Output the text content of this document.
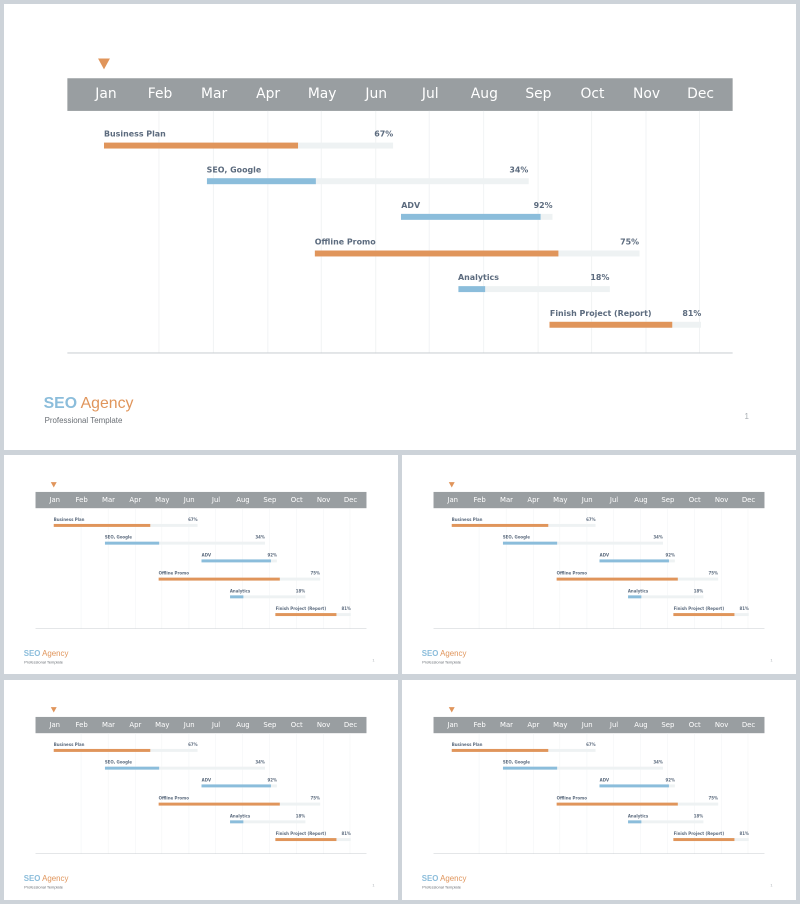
Jan Feb Mar Apr May Jun Jul Aug Sep Oct Nov Dec
Business Plan	67%
SEO, Google	34%
ADV	92%
Offline Promo	75%
Analytics	18%
Finish Project (Report)	81%
SEO Agency
Professional Template	1
Jan Feb Mar Apr May Jun Jul Aug Sep Oct Nov Dec
Business Plan	67%
SEO, Google	34%
ADV	92%
Offline Promo	75%
Analytics	18%
Finish Project (Report) 81%
SEO Agency
Professional Template	1
Jan Feb Mar Apr May Jun Jul Aug Sep Oct Nov Dec
Business Plan	67%
SEO, Google	34%
ADV	92%
Offline Promo	75%
Analytics	18%
Finish Project (Report) 81%
SEO Agency
Professional Template	1
Jan Feb Mar Apr May Jun Jul Aug Sep Oct Nov Dec
Business Plan	67%
SEO, Google	34%
ADV	92%
Offline Promo	75%
Analytics	18%
Finish Project (Report) 81%
SEO Agency
Professional Template	1
Jan Feb Mar Apr May Jun Jul Aug Sep Oct Nov Dec
Business Plan	67%
SEO, Google	34%
ADV	92%
Offline Promo	75%
Analytics	18%
Finish Project (Report) 81%
SEO Agency
Professional Template	1
